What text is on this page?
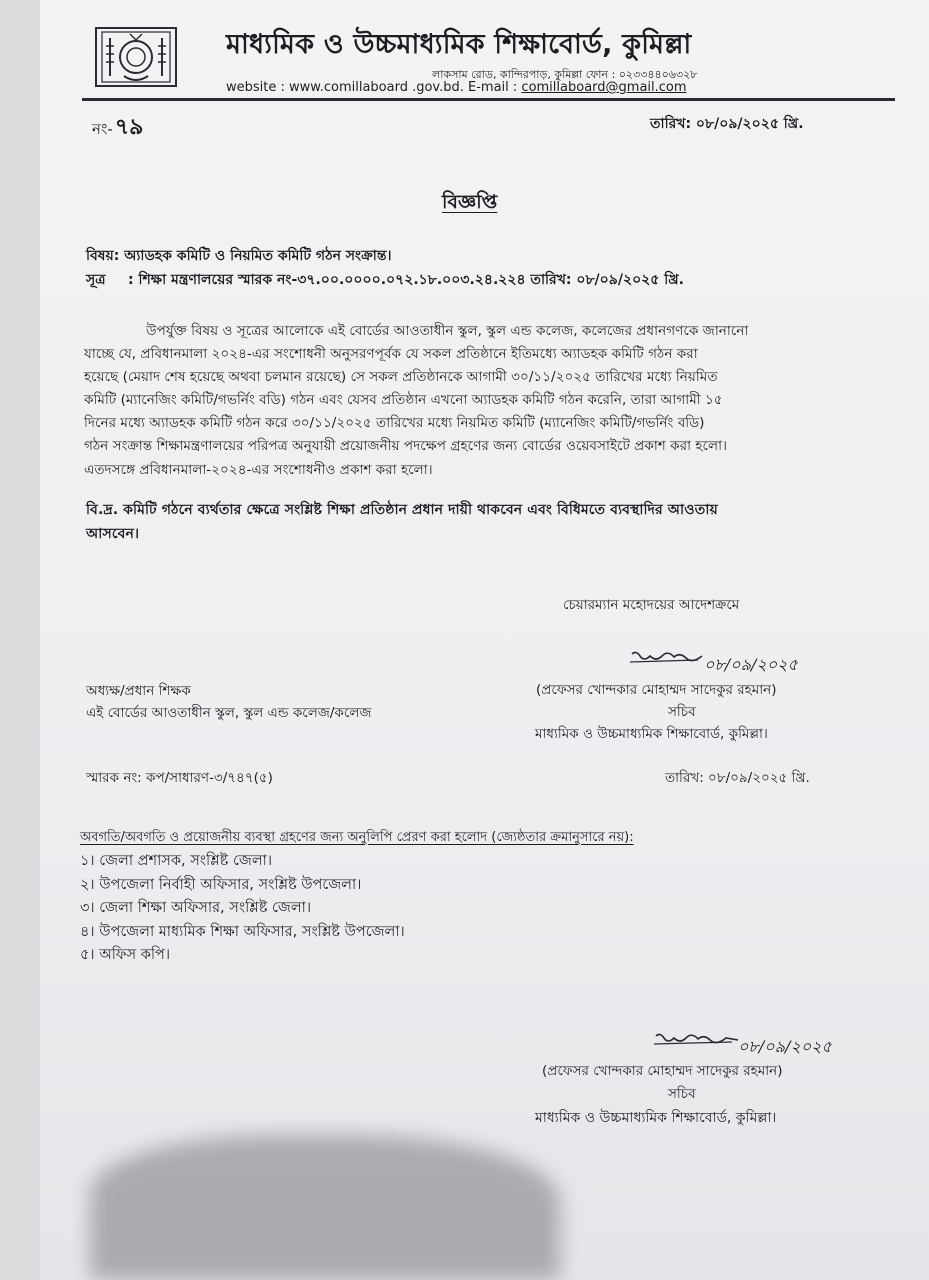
মাধ্যমিক ও উচ্চমাধ্যমিক শিক্ষাবোর্ড, কুমিল্লা
লাকসাম রোড, কান্দিরপাড়, কুমিল্লা ফোন : ০২৩৩৪৪০৬৩২৮
website : www.comillaboard .gov.bd. E-mail : comillaboard@gmail.com
নং-৭৯	তারিখ: ০৮/০৯/২০২৫ খ্রি.
বিজ্ঞপ্তি
বিষয়: অ্যাডহক কমিটি ও নিয়মিত কমিটি গঠন সংক্রান্ত।
সূত্র : শিক্ষা মন্ত্রণালয়ের স্মারক নং-৩৭.০০.০০০০.০৭২.১৮.০০৩.২৪.২২৪ তারিখ: ০৮/০৯/২০২৫ খ্রি.
উপর্যুক্ত বিষয় ও সূত্রের আলোকে এই বোর্ডের আওতাধীন স্কুল, স্কুল এন্ড কলেজ, কলেজের প্রধানগণকে জানানো
যাচ্ছে যে, প্রবিধানমালা ২০২৪-এর সংশোধনী অনুসরণপূর্বক যে সকল প্রতিষ্ঠানে ইতিমধ্যে অ্যাডহক কমিটি গঠন করা
হয়েছে (মেয়াদ শেষ হয়েছে অথবা চলমান রয়েছে) সে সকল প্রতিষ্ঠানকে আগামী ৩০/১১/২০২৫ তারিখের মধ্যে নিয়মিত
কমিটি (ম্যানেজিং কমিটি/গভর্নিং বডি) গঠন এবং যেসব প্রতিষ্ঠান এখনো অ্যাডহক কমিটি গঠন করেনি, তারা আগামী ১৫
দিনের মধ্যে অ্যাডহক কমিটি গঠন করে ৩০/১১/২০২৫ তারিখের মধ্যে নিয়মিত কমিটি (ম্যানেজিং কমিটি/গভর্নিং বডি)
গঠন সংক্রান্ত শিক্ষামন্ত্রণালয়ের পরিপত্র অনুযায়ী প্রয়োজনীয় পদক্ষেপ গ্রহণের জন্য বোর্ডের ওয়েবসাইটে প্রকাশ করা হলো।
এতদসঙ্গে প্রবিধানমালা-২০২৪-এর সংশোধনীও প্রকাশ করা হলো।
বি.দ্র. কমিটি গঠনে ব্যর্থতার ক্ষেত্রে সংশ্লিষ্ট শিক্ষা প্রতিষ্ঠান প্রধান দায়ী থাকবেন এবং বিধিমতে ব্যবস্থাদির আওতায়
আসবেন।
চেয়ারম্যান মহোদয়ের আদেশক্রমে
০৮/০৯/২০২৫
অধ্যক্ষ/প্রধান শিক্ষক
এই বোর্ডের আওতাধীন স্কুল, স্কুল এন্ড কলেজ/কলেজ
(প্রফেসর খোন্দকার মোহাম্মদ সাদেকুর রহমান)
সচিব
মাধ্যমিক ও উচ্চমাধ্যমিক শিক্ষাবোর্ড, কুমিল্লা।
স্মারক নং: কপ/সাধারণ-৩/৭৪৭(৫)	তারিখ: ০৮/০৯/২০২৫ খ্রি.
অবগতি/অবগতি ও প্রয়োজনীয় ব্যবস্থা গ্রহণের জন্য অনুলিপি প্রেরণ করা হলোদ (জ্যেষ্ঠতার ক্রমানুসারে নয়):
১। জেলা প্রশাসক, সংশ্লিষ্ট জেলা।
২। উপজেলা নির্বাহী অফিসার, সংশ্লিষ্ট উপজেলা।
৩। জেলা শিক্ষা অফিসার, সংশ্লিষ্ট জেলা।
৪। উপজেলা মাধ্যমিক শিক্ষা অফিসার, সংশ্লিষ্ট উপজেলা।
৫। অফিস কপি।
০৮/০৯/২০২৫
(প্রফেসর খোন্দকার মোহাম্মদ সাদেকুর রহমান)
সচিব
মাধ্যমিক ও উচ্চমাধ্যমিক শিক্ষাবোর্ড, কুমিল্লা।
